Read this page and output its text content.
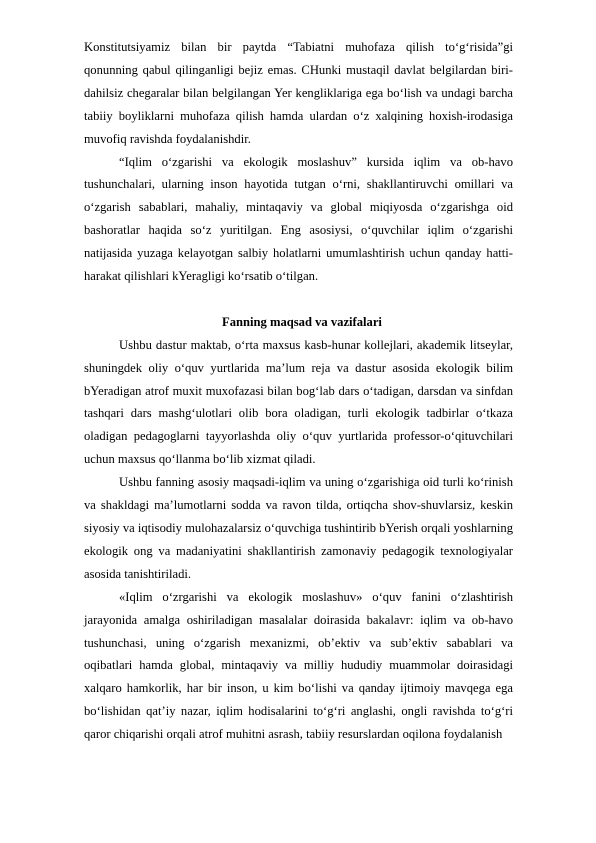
Konstitutsiyamiz bilan bir paytda “Tabiatni muhofaza qilish to‘g‘risida”gi qonunning qabul qilinganligi bejiz emas. CHunki mustaqil davlat belgilardan biri-dahilsiz chegaralar bilan belgilangan Yer kengliklariga ega bo‘lish va undagi barcha tabiiy boyliklarni muhofaza qilish hamda ulardan o‘z xalqining hoxish-irodasiga muvofiq ravishda foydalanishdir.

“Iqlim o‘zgarishi va ekologik moslashuv” kursida iqlim va ob-havo tushunchalari, ularning inson hayotida tutgan o‘rni, shakllantiruvchi omillari va o‘zgarish sabablari, mahaliy, mintaqaviy va global miqiyosda o‘zgarishga oid bashoratlar haqida so‘z yuritilgan. Eng asosiysi, o‘quvchilar iqlim o‘zgarishi natijasida yuzaga kelayotgan salbiy holatlarni umumlashtirish uchun qanday hatti-harakat qilishlari kYeragligi ko‘rsatib o‘tilgan.

Fanning maqsad va vazifalari

Ushbu dastur maktab, o‘rta maxsus kasb-hunar kollejlari, akademik litseylar, shuningdek oliy o‘quv yurtlarida ma’lum reja va dastur asosida ekologik bilim bYeradigan atrof muxit muxofazasi bilan bog‘lab dars o‘tadigan, darsdan va sinfdan tashqari dars mashg‘ulotlari olib bora oladigan, turli ekologik tadbirlar o‘tkaza oladigan pedagoglarni tayyorlashda oliy o‘quv yurtlarida professor-o‘qituvchilari uchun maxsus qo‘llanma bo‘lib xizmat qiladi.

Ushbu fanning asosiy maqsadi-iqlim va uning o‘zgarishiga oid turli ko‘rinish va shakldagi ma’lumotlarni sodda va ravon tilda, ortiqcha shov-shuvlarsiz, keskin siyosiy va iqtisodiy mulohazalarsiz o‘quvchiga tushintirib bYerish orqali yoshlarning ekologik ong va madaniyatini shakllantirish zamonaviy pedagogik texnologiyalar asosida tanishtiriladi.

«Iqlim o‘zrgarishi va ekologik moslashuv» o‘quv fanini o‘zlashtirish jarayonida amalga oshiriladigan masalalar doirasida bakalavr: iqlim va ob-havo tushunchasi, uning o‘zgarish mexanizmi, ob’ektiv va sub’ektiv sabablari va oqibatlari hamda global, mintaqaviy va milliy hududiy muammolar doirasidagi xalqaro hamkorlik, har bir inson, u kim bo‘lishi va qanday ijtimoiy mavqega ega bo‘lishidan qat’iy nazar, iqlim hodisalarini to‘g‘ri anglashi, ongli ravishda to‘g‘ri qaror chiqarishi orqali atrof muhitni asrash, tabiiy resurslardan oqilona foydalanish
